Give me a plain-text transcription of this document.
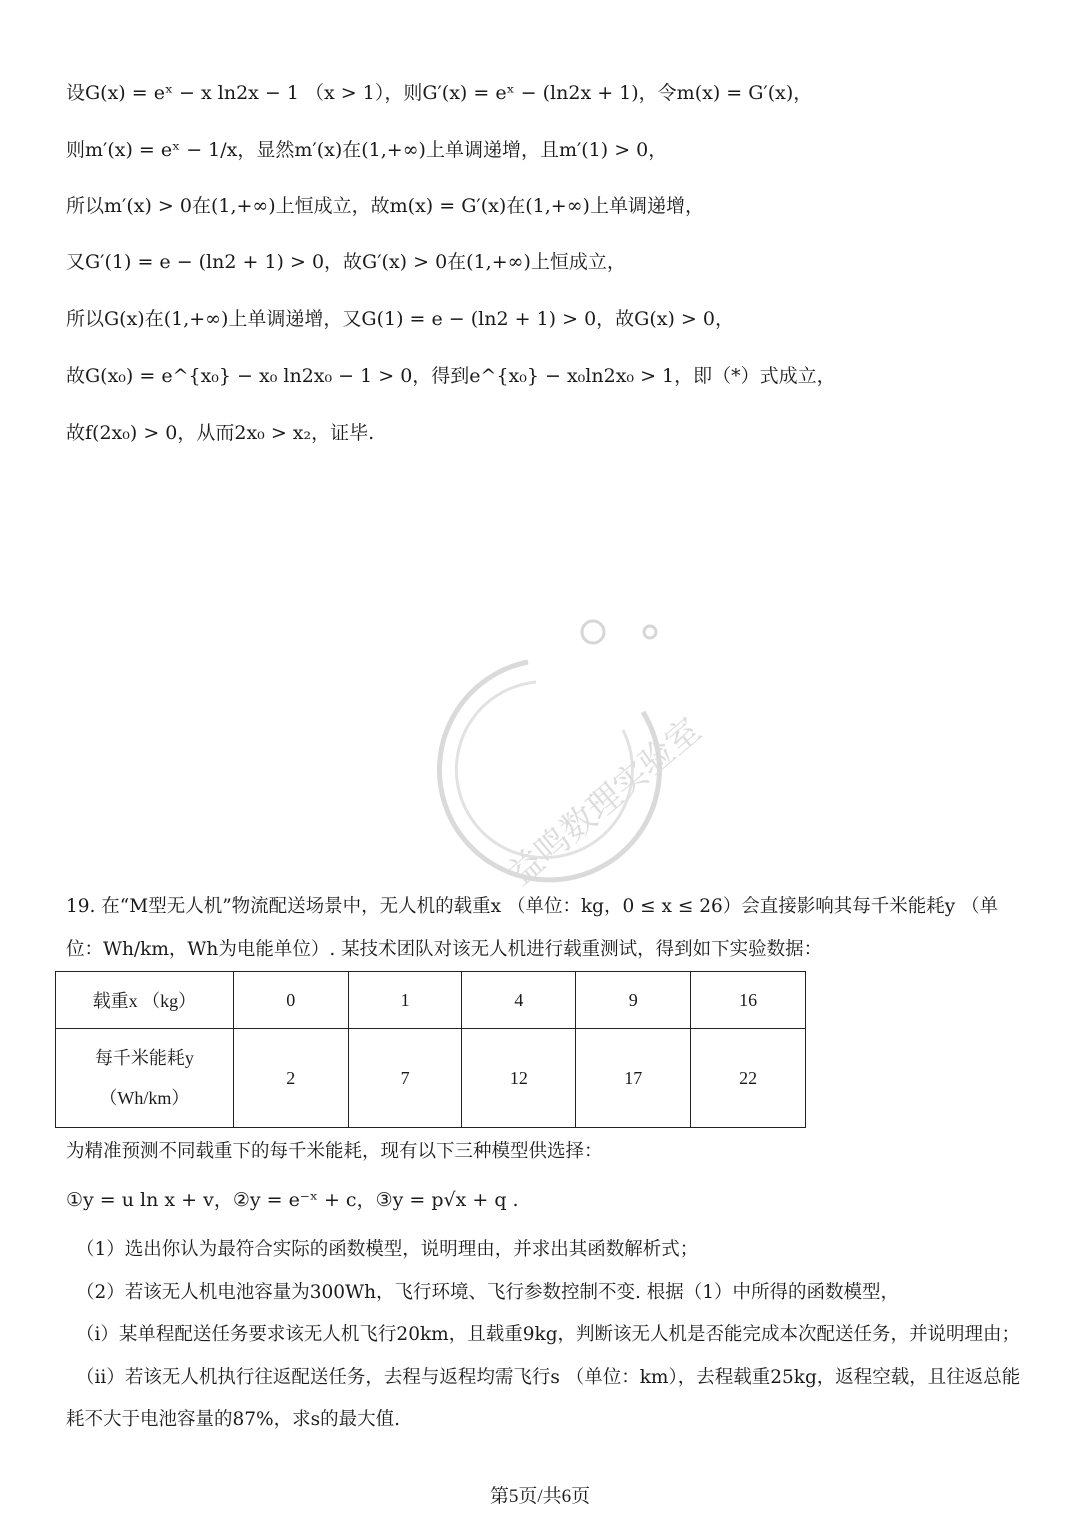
设G(x) = eˣ − x ln2x − 1 （x > 1），则G′(x) = eˣ − (ln2x + 1)，令m(x) = G′(x)，
则m′(x) = eˣ − 1/x，显然m′(x)在(1,+∞)上单调递增，且m′(1) > 0，
所以m′(x) > 0在(1,+∞)上恒成立，故m(x) = G′(x)在(1,+∞)上单调递增，
又G′(1) = e − (ln2 + 1) > 0，故G′(x) > 0在(1,+∞)上恒成立，
所以G(x)在(1,+∞)上单调递增，又G(1) = e − (ln2 + 1) > 0，故G(x) > 0，
故G(x₀) = e^{x₀} − x₀ ln2x₀ − 1 > 0，得到e^{x₀} − x₀ln2x₀ > 1，即（*）式成立，
故f(2x₀) > 0，从而2x₀ > x₂，证毕.
益鸣数理实验室
19. 在“M型无人机”物流配送场景中，无人机的载重x （单位：kg，0 ≤ x ≤ 26）会直接影响其每千米能耗y （单
位：Wh/km，Wh为电能单位）. 某技术团队对该无人机进行载重测试，得到如下实验数据：
载重x （kg）	0	1	4	9	16

每千米能耗y
（Wh/km）	2	7	12	17	22
为精准预测不同载重下的每千米能耗，现有以下三种模型供选择：
①y = u ln x + v，②y = e⁻ˣ + c，③y = p√x + q .
（1）选出你认为最符合实际的函数模型，说明理由，并求出其函数解析式；
（2）若该无人机电池容量为300Wh，飞行环境、飞行参数控制不变. 根据（1）中所得的函数模型，
（i）某单程配送任务要求该无人机飞行20km，且载重9kg，判断该无人机是否能完成本次配送任务，并说明理由；
（ii）若该无人机执行往返配送任务，去程与返程均需飞行s （单位：km），去程载重25kg，返程空载，且往返总能
耗不大于电池容量的87%，求s的最大值.
第5页/共6页
